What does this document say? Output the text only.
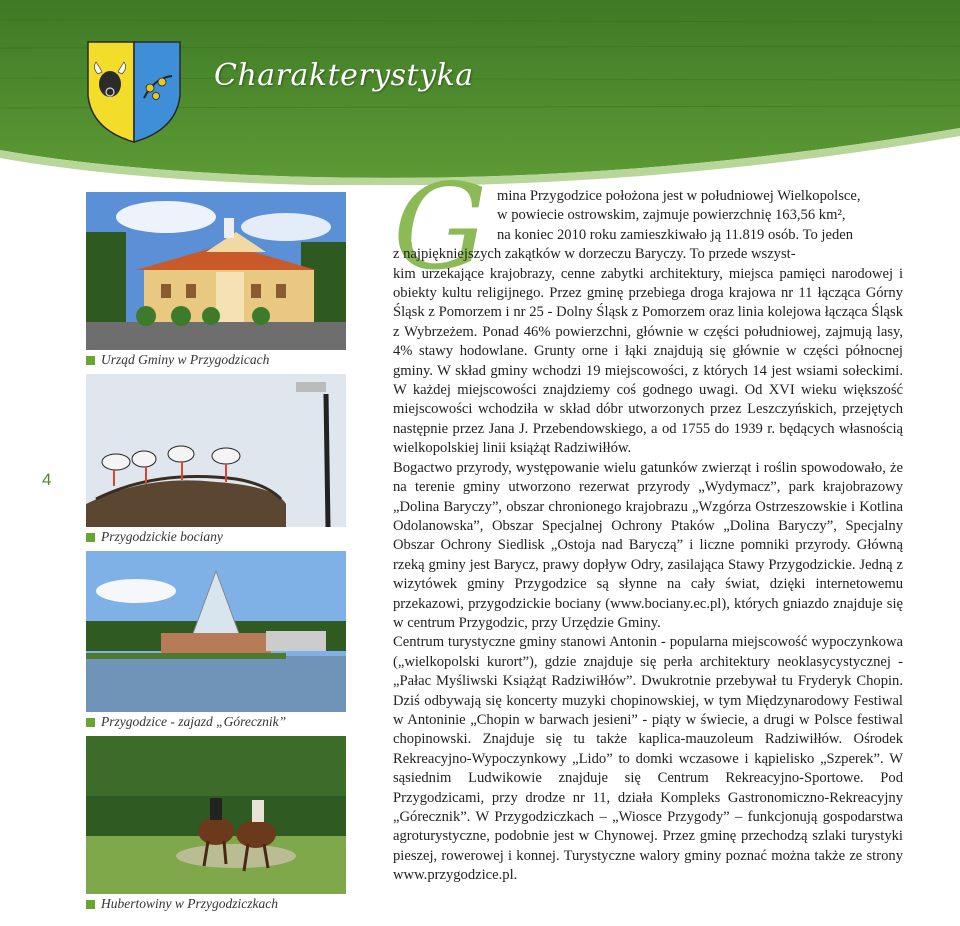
Charakterystyka
4
Urząd Gminy w Przygodzicach
Przygodzickie bociany
Przygodzice - zajazd „Górecznik”
Hubertowiny w Przygodziczkach
G mina Przygodzice położona jest w południowej Wielkopolsce,
w powiecie ostrowskim, zajmuje powierzchnię 163,56 km²,
na koniec 2010 roku zamieszkiwało ją 11.819 osób. To jeden
z najpiękniejszych zakątków w dorzeczu Baryczy. To przede wszyst-

kim urzekające krajobrazy, cenne zabytki architektury, miejsca pamięci narodowej i obiekty kultu religijnego. Przez gminę przebiega droga krajowa nr 11 łącząca Górny Śląsk z Pomorzem i nr 25 - Dolny Śląsk z Pomorzem oraz linia kolejowa łącząca Śląsk z Wybrzeżem. Ponad 46% powierzchni, głównie w części południowej, zajmują lasy, 4% stawy hodowlane. Grunty orne i łąki znajdują się głównie w części północnej gminy. W skład gminy wchodzi 19 miejscowości, z których 14 jest wsiami sołeckimi. W każdej miejscowości znajdziemy coś godnego uwagi. Od XVI wieku większość miejscowości wchodziła w skład dóbr utworzonych przez Leszczyńskich, przejętych następnie przez Jana J. Przebendowskiego, a od 1755 do 1939 r. będących własnością wielkopolskiej linii książąt Radziwiłłów.

Bogactwo przyrody, występowanie wielu gatunków zwierząt i roślin spowodowało, że na terenie gminy utworzono rezerwat przyrody „Wydymacz”, park krajobrazowy „Dolina Baryczy”, obszar chronionego krajobrazu „Wzgórza Ostrzeszowskie i Kotlina Odolanowska”, Obszar Specjalnej Ochrony Ptaków „Dolina Baryczy”, Specjalny Obszar Ochrony Siedlisk „Ostoja nad Baryczą” i liczne pomniki przyrody. Główną rzeką gminy jest Barycz, prawy dopływ Odry, zasilająca Stawy Przygodzickie. Jedną z wizytówek gminy Przygodzice są słynne na cały świat, dzięki internetowemu przekazowi, przygodzickie bociany (www.bociany.ec.pl), których gniazdo znajduje się w centrum Przygodzic, przy Urzędzie Gminy.

Centrum turystyczne gminy stanowi Antonin - popularna miejscowość wypoczynkowa („wielkopolski kurort”), gdzie znajduje się perła architektury neoklasycystycznej - „Pałac Myśliwski Książąt Radziwiłłów”. Dwukrotnie przebywał tu Fryderyk Chopin. Dziś odbywają się koncerty muzyki chopinowskiej, w tym Międzynarodowy Festiwal w Antoninie „Chopin w barwach jesieni” - piąty w świecie, a drugi w Polsce festiwal chopinowski. Znajduje się tu także kaplica-mauzoleum Radziwiłłów. Ośrodek Rekreacyjno-Wypoczynkowy „Lido” to domki wczasowe i kąpielisko „Szperek”. W sąsiednim Ludwikowie znajduje się Centrum Rekreacyjno-Sportowe. Pod Przygodzicami, przy drodze nr 11, działa Kompleks Gastronomiczno-Rekreacyjny „Górecznik”. W Przygodziczkach – „Wiosce Przygody” – funkcjonują gospodarstwa agroturystyczne, podobnie jest w Chynowej. Przez gminę przechodzą szlaki turystyki pieszej, rowerowej i konnej. Turystyczne walory gminy poznać można także ze strony www.przygodzice.pl.
